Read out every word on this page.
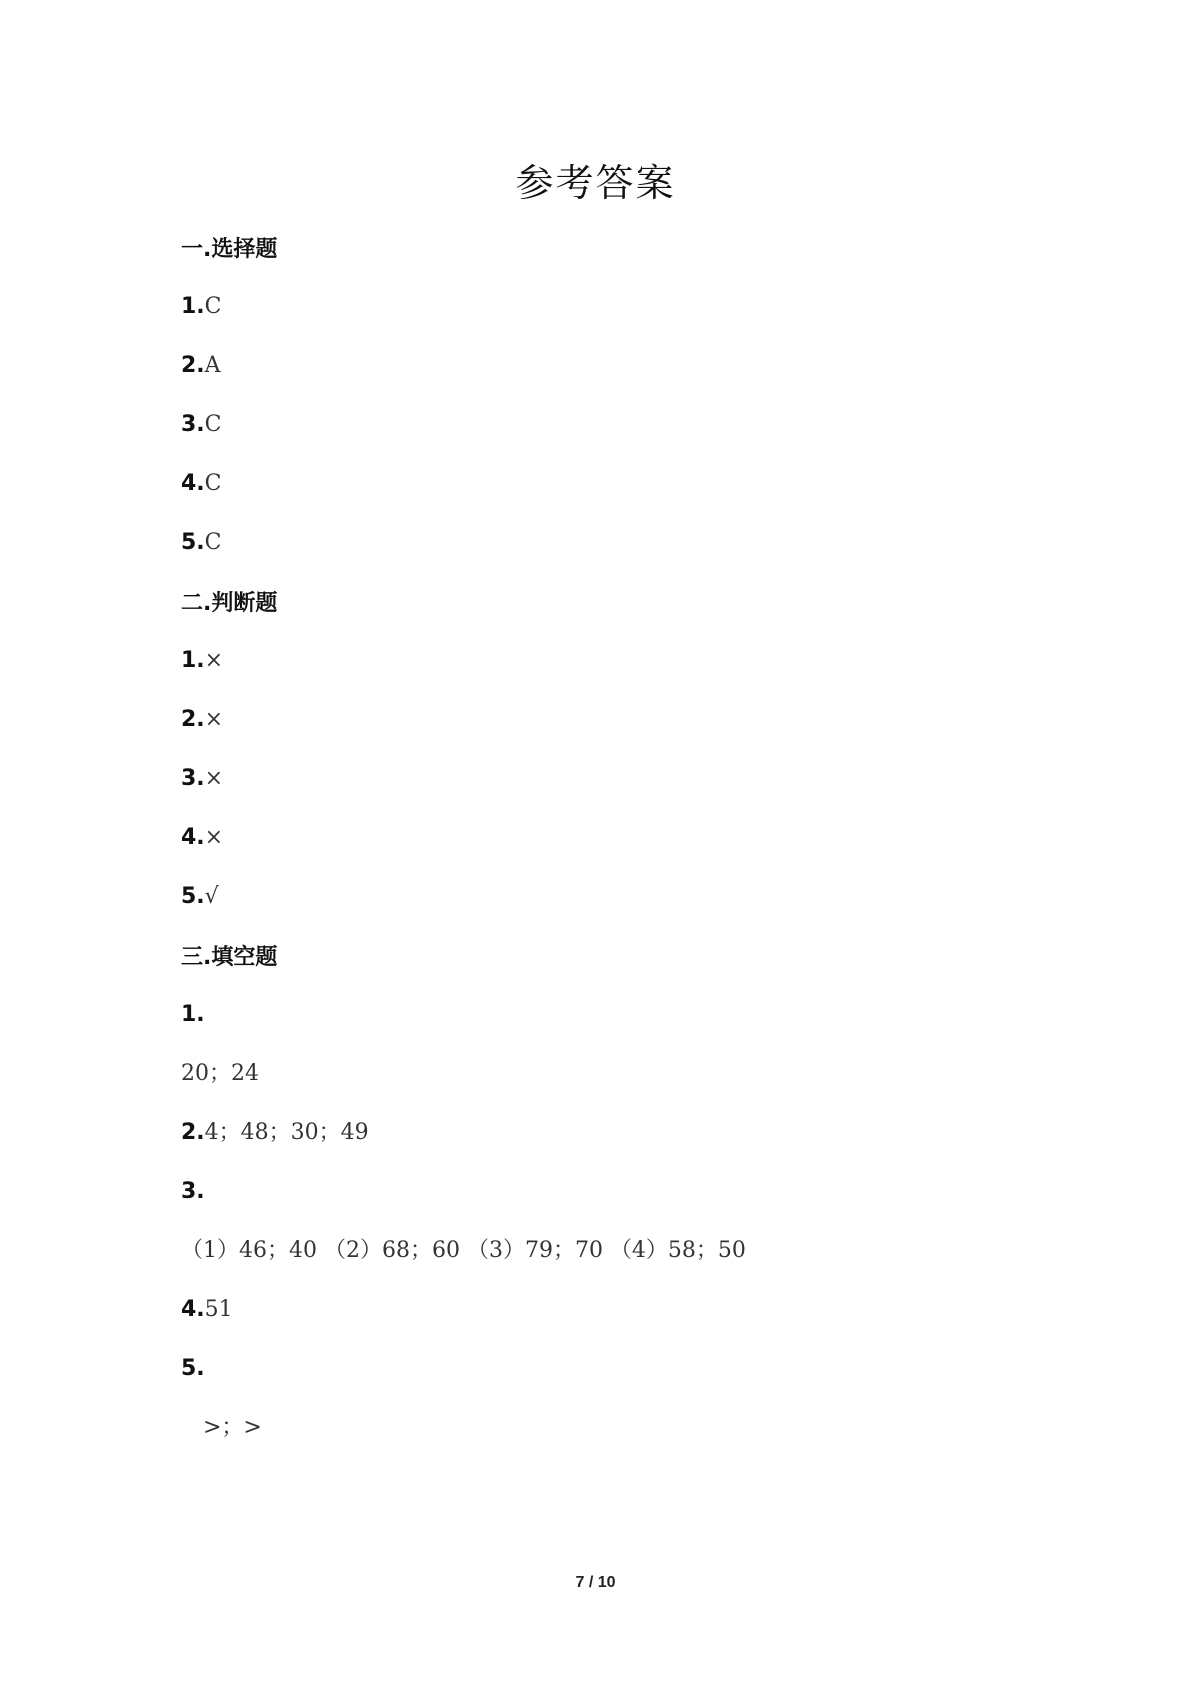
参考答案
一.选择题
1.C
2.A
3.C
4.C
5.C
二.判断题
1.×
2.×
3.×
4.×
5.√
三.填空题
1.
20；24
2.4；48；30；49
3.
（1）46；40 （2）68；60 （3）79；70 （4）58；50
4.51
5.
>；>
7 / 10
